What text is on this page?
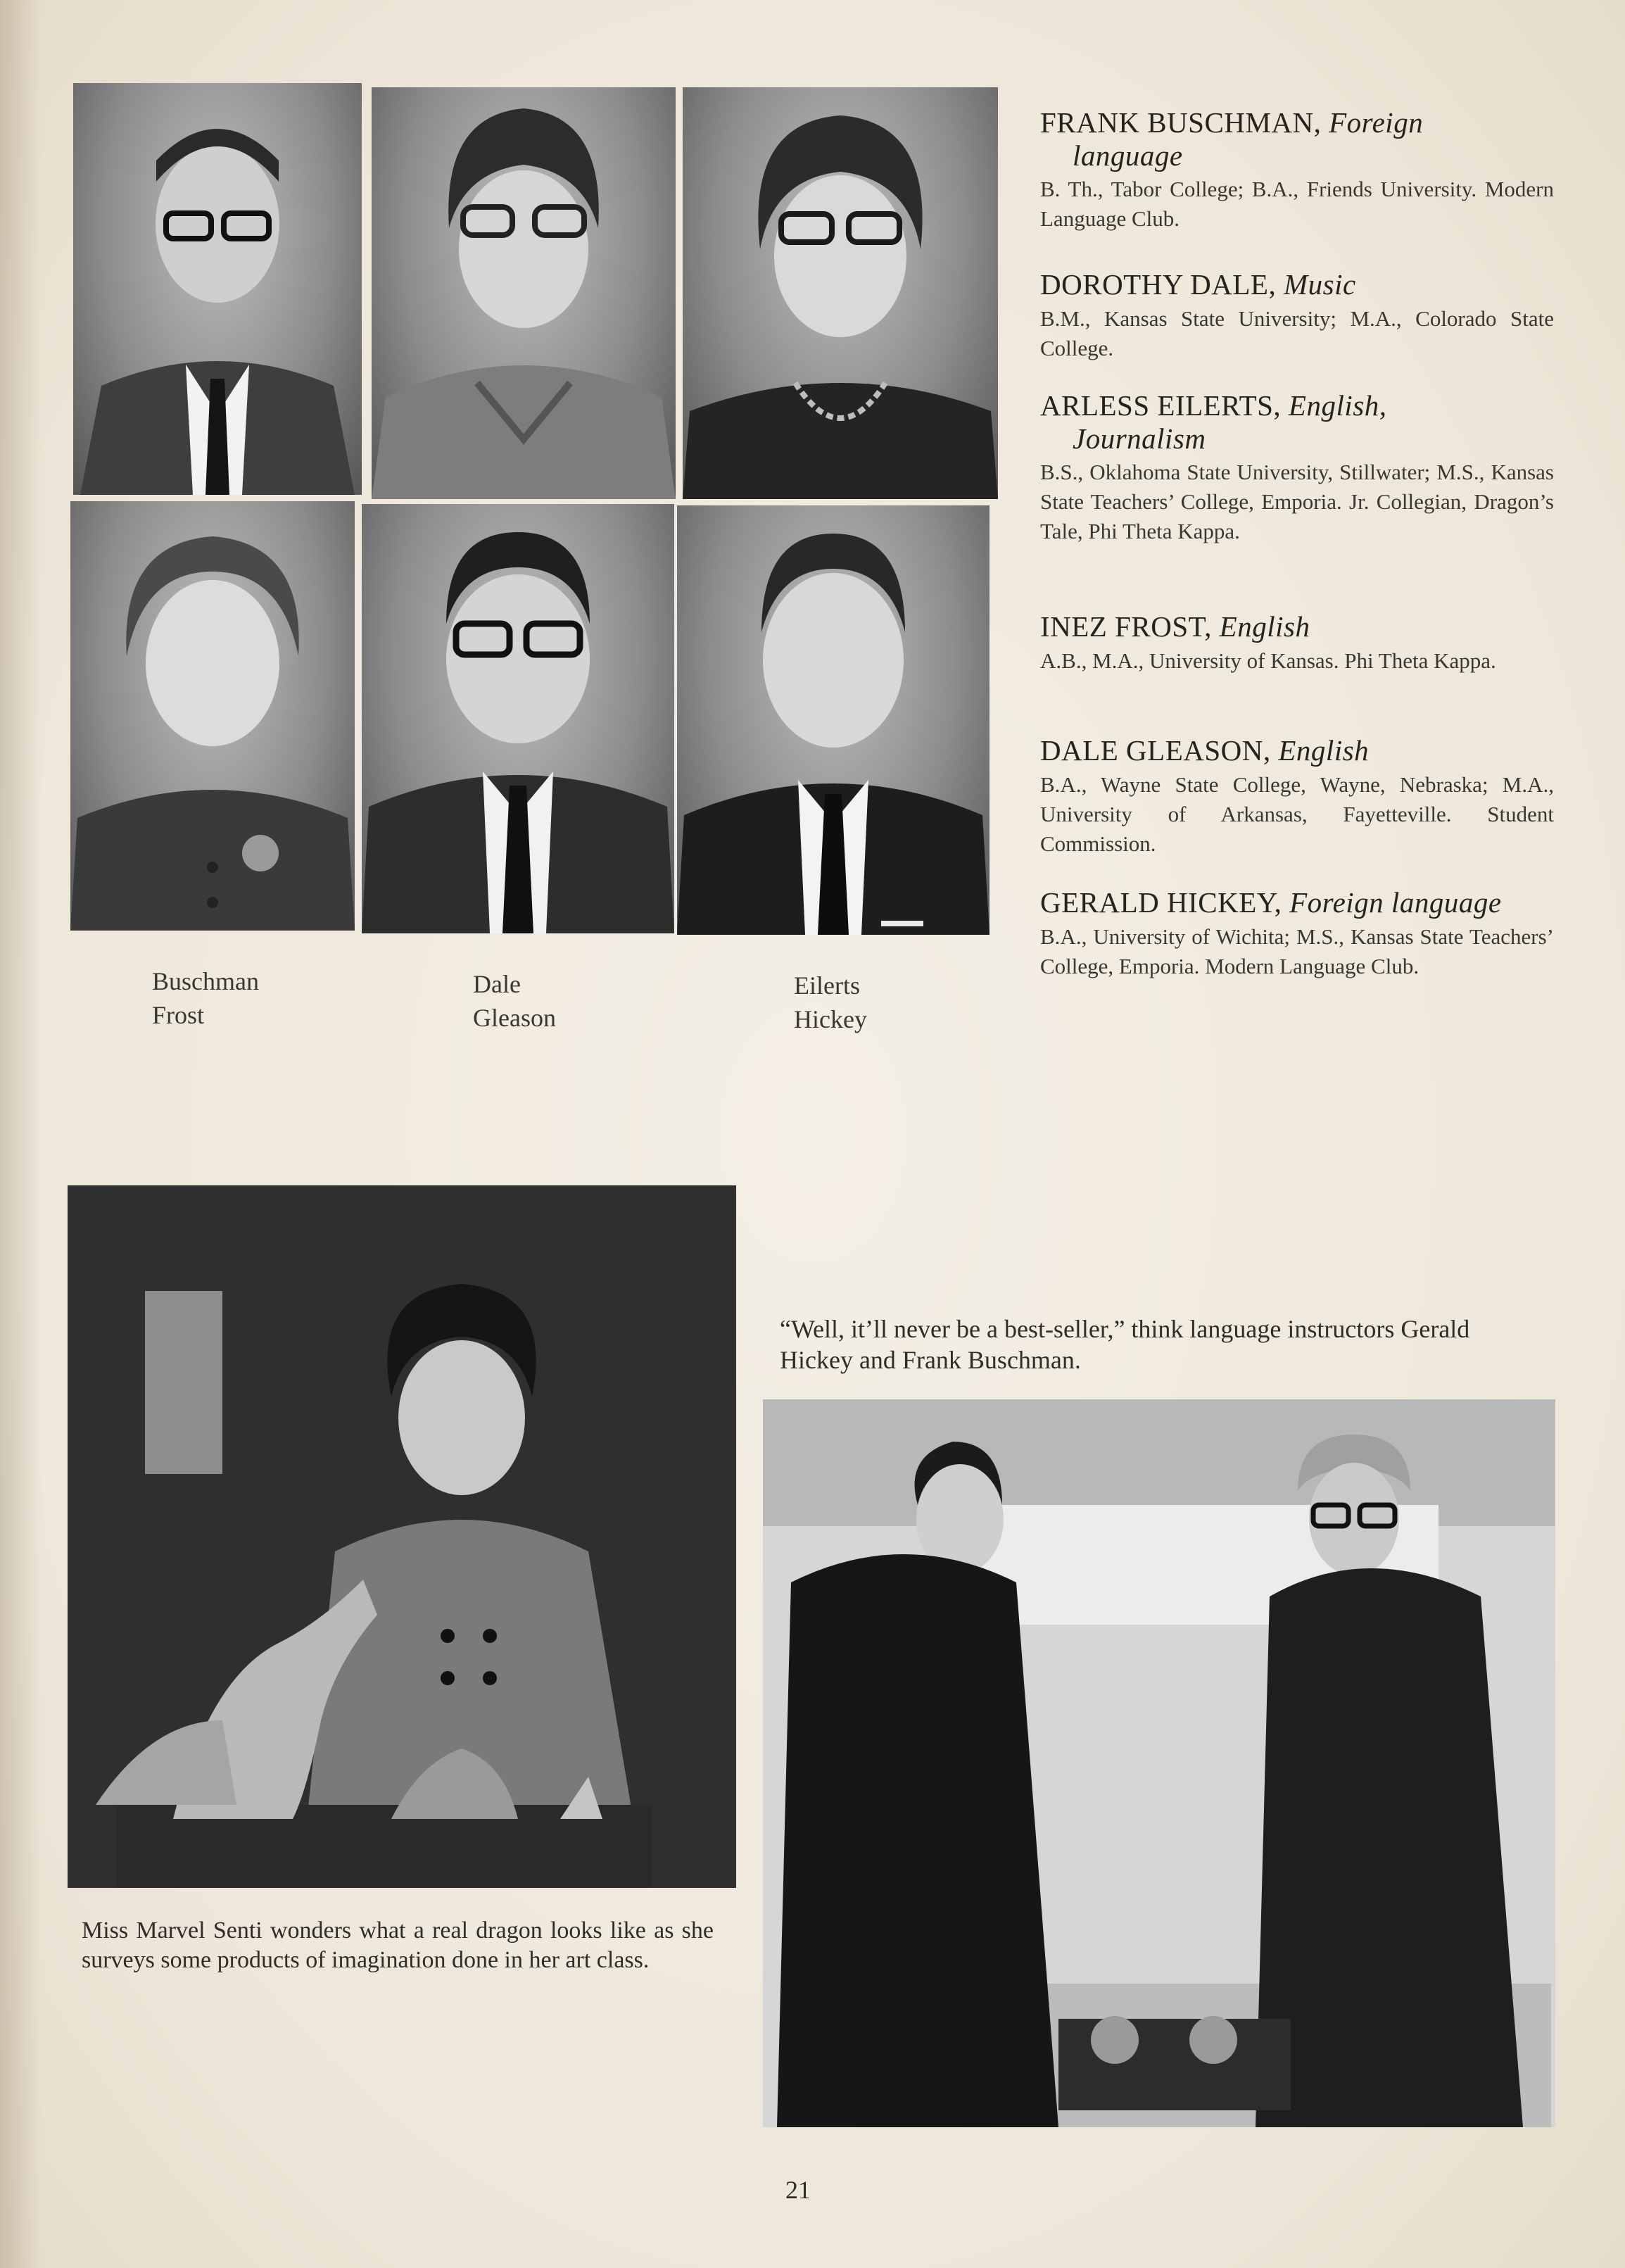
Buschman
Frost
Dale
Gleason
Eilerts
Hickey
FRANK BUSCHMAN, Foreign
language
B. Th., Tabor College; B.A., Friends University. Modern Language Club.
DOROTHY DALE, Music
B.M., Kansas State University; M.A., Colorado State College.
ARLESS EILERTS, English,
Journalism
B.S., Oklahoma State University, Stillwater; M.S., Kansas State Teachers’ College, Emporia. Jr. Collegian, Dragon’s Tale, Phi Theta Kappa.
INEZ FROST, English
A.B., M.A., University of Kansas. Phi Theta Kappa.
DALE GLEASON, English
B.A., Wayne State College, Wayne, Nebraska; M.A., University of Arkansas, Fayetteville. Student Commission.
GERALD HICKEY, Foreign language
B.A., University of Wichita; M.S., Kansas State Teachers’ College, Emporia. Modern Language Club.
Miss Marvel Senti wonders what a real dragon looks like as she surveys some products of imagination done in her art class.
“Well, it’ll never be a best-seller,” think language instructors Gerald Hickey and Frank Buschman.
21
